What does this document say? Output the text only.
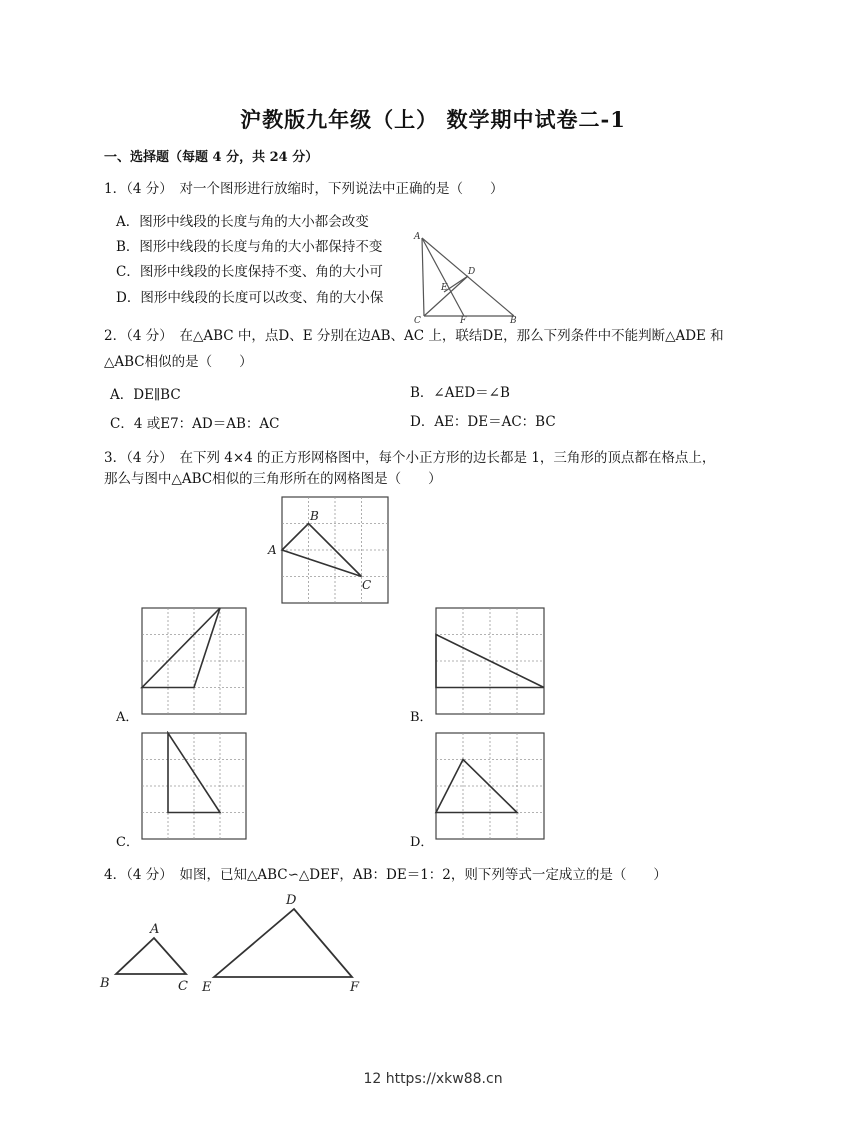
沪教版九年级（上） 数学期中试卷二-1
一、选择题（每题 4 分，共 24 分）
1．（4 分）　对一个图形进行放缩时，下列说法中正确的是（　　）
A．图形中线段的长度与角的大小都会改变
B．图形中线段的长度与角的大小都保持不变
C．图形中线段的长度保持不变、角的大小可
D．图形中线段的长度可以改变、角的大小保
A
D
E
C	F	B
2．（4 分）　在△ABC 中，点D、E 分别在边AB、AC 上，联结DE，那么下列条件中不能判断△ADE 和
△ABC相似的是（　　）
A．DE∥BC	B．∠AED＝∠B
C．4 或E7：AD＝AB：AC	D．AE：DE＝AC：BC
3．（4 分）　在下列 4×4 的正方形网格图中，每个小正方形的边长都是 1，三角形的顶点都在格点上，
那么与图中△ABC相似的三角形所在的网格图是（　　）
B
A
C
A．	B．
C．	D．
4．（4 分）　如图，已知△ABC∽△DEF，AB：DE＝1：2，则下列等式一定成立的是（　　）
A
B	C
D
E	F
12 https://xkw88.cn
